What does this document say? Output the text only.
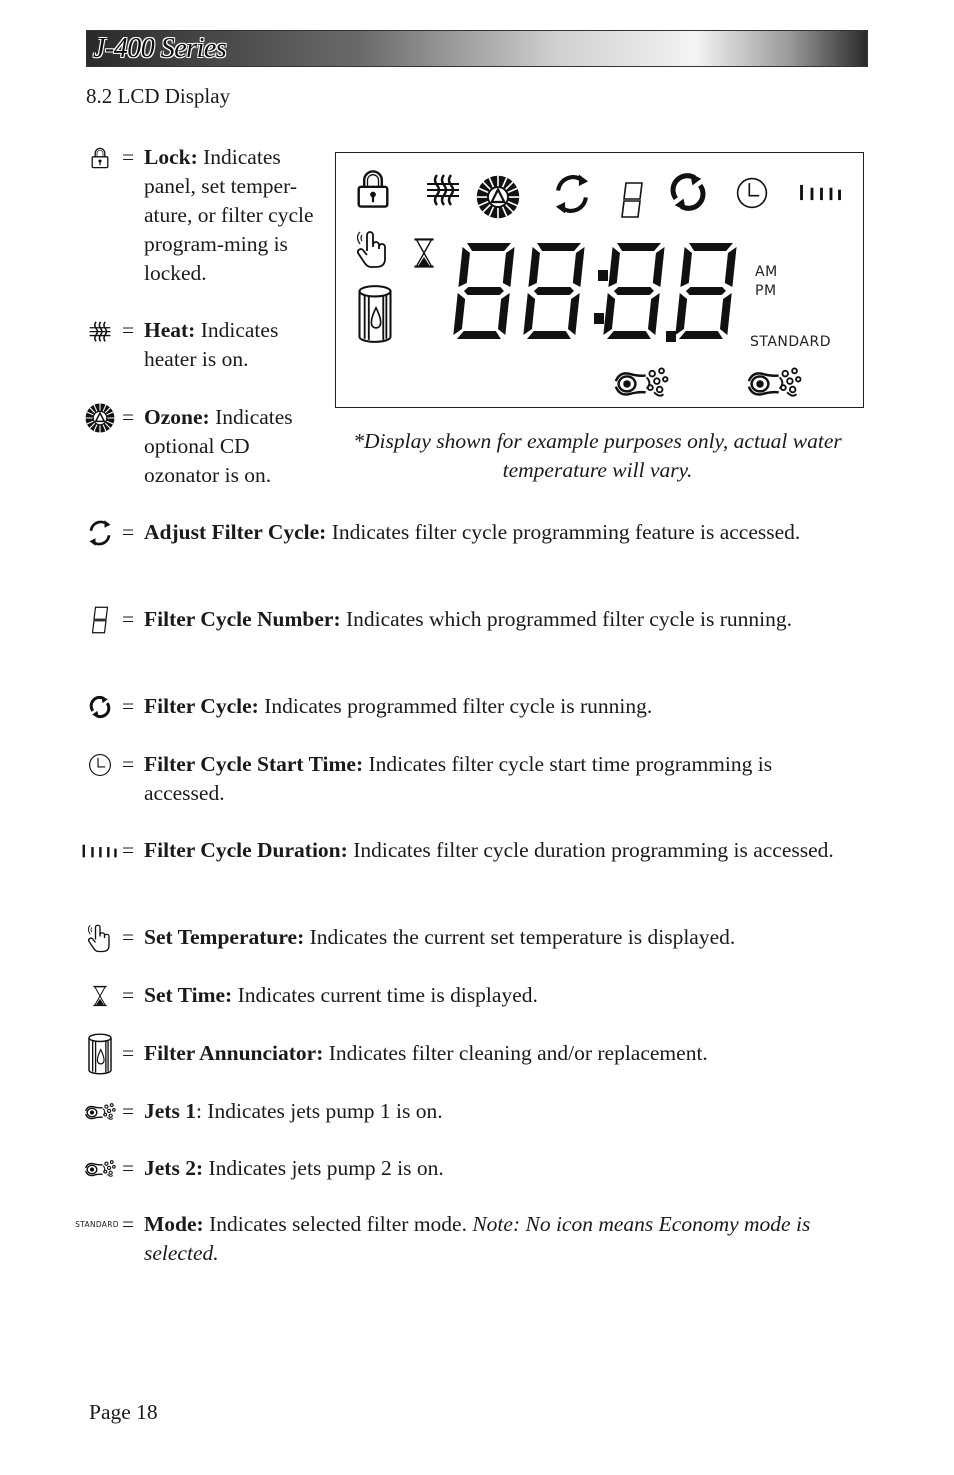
J-400 Series
8.2 LCD Display
AM
PM
STANDARD
*Display shown for example purposes only, actual water temperature will vary.
= Lock: Indicates panel, set temper-ature, or filter cycle program-ming is locked.
= Heat: Indicates heater is on.
= Ozone: Indicates optional CD ozonator is on.
= Adjust Filter Cycle: Indicates filter cycle programming feature is accessed.
= Filter Cycle Number: Indicates which programmed filter cycle is running.
= Filter Cycle: Indicates programmed filter cycle is running.
= Filter Cycle Start Time: Indicates filter cycle start time programming is accessed.
= Filter Cycle Duration: Indicates filter cycle duration programming is accessed.
= Set Temperature: Indicates the current set temperature is displayed.
= Set Time: Indicates current time is displayed.
= Filter Annunciator: Indicates filter cleaning and/or replacement.
= Jets 1: Indicates jets pump 1 is on.
= Jets 2: Indicates jets pump 2 is on.
STANDARD = Mode: Indicates selected filter mode. Note: No icon means Economy mode is selected.
Page 18
